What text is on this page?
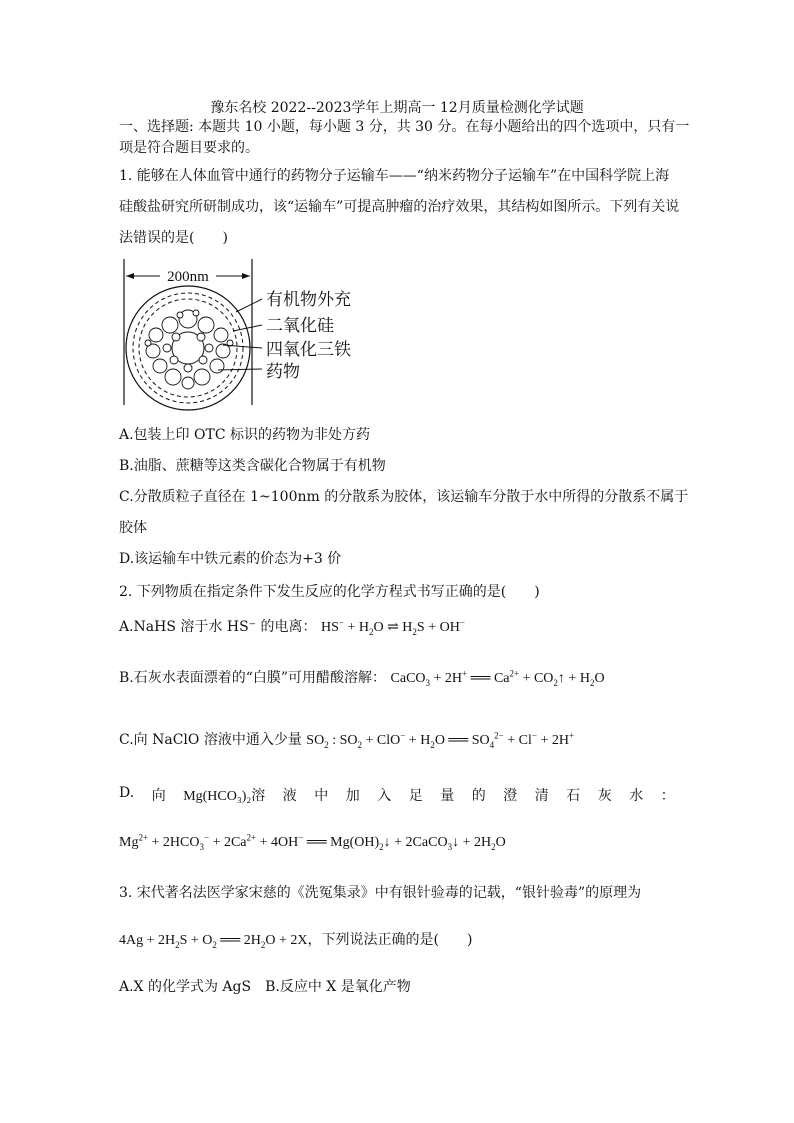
豫东名校 2022--2023学年上期高一 12月质量检测化学试题
一、选择题: 本题共 10 小题，每小题 3 分，共 30 分。在每小题给出的四个选项中，只有一
项是符合题目要求的。
1. 能够在人体血管中通行的药物分子运输车——“纳米药物分子运输车”在中国科学院上海
硅酸盐研究所研制成功，该“运输车”可提高肿瘤的治疗效果，其结构如图所示。下列有关说
法错误的是(　　)
200nm
有机物外充
二氧化硅
四氧化三铁
药物
A.包装上印 OTC 标识的药物为非处方药
B.油脂、蔗糖等这类含碳化合物属于有机物
C.分散质粒子直径在 1~100nm 的分散系为胶体，该运输车分散于水中所得的分散系不属于
胶体
D.该运输车中铁元素的价态为+3 价
2. 下列物质在指定条件下发生反应的化学方程式书写正确的是(　　)
A.NaHS 溶于水 HS⁻ 的电离： $HS^- + H_2O$ ⇌ $H_2S + OH^-$
B.石灰水表面漂着的“白膜”可用醋酸溶解： CaCO$_3$ + 2H+ ══ $Ca^{2+}$ + $CO_2↑ + H_2O$
C.向 NaClO 溶液中通入少量 $SO_2$ : $SO_2 + ClO^- + H_2O$ ══ $SO_4^{2-} + Cl^- + 2H^+$
D. 向 Mg(HCO₃)₂溶 液 中 加 入 足 量 的 澄 清 石 灰 水 ：
$Mg^{2+} + 2HCO_3^- + 2Ca^{2+} + 4OH^-$ ══ $Mg(OH)_2↓$ + 2CaCO$_3$↓ + $2H_2O$
3. 宋代著名法医学家宋慈的《洗冤集录》中有银针验毒的记载，“银针验毒”的原理为
$4Ag + 2H_2S + O_2$ ══ $2H_2O + 2X$，下列说法正确的是(　　)
A.X 的化学式为 AgS　B.反应中 X 是氧化产物
